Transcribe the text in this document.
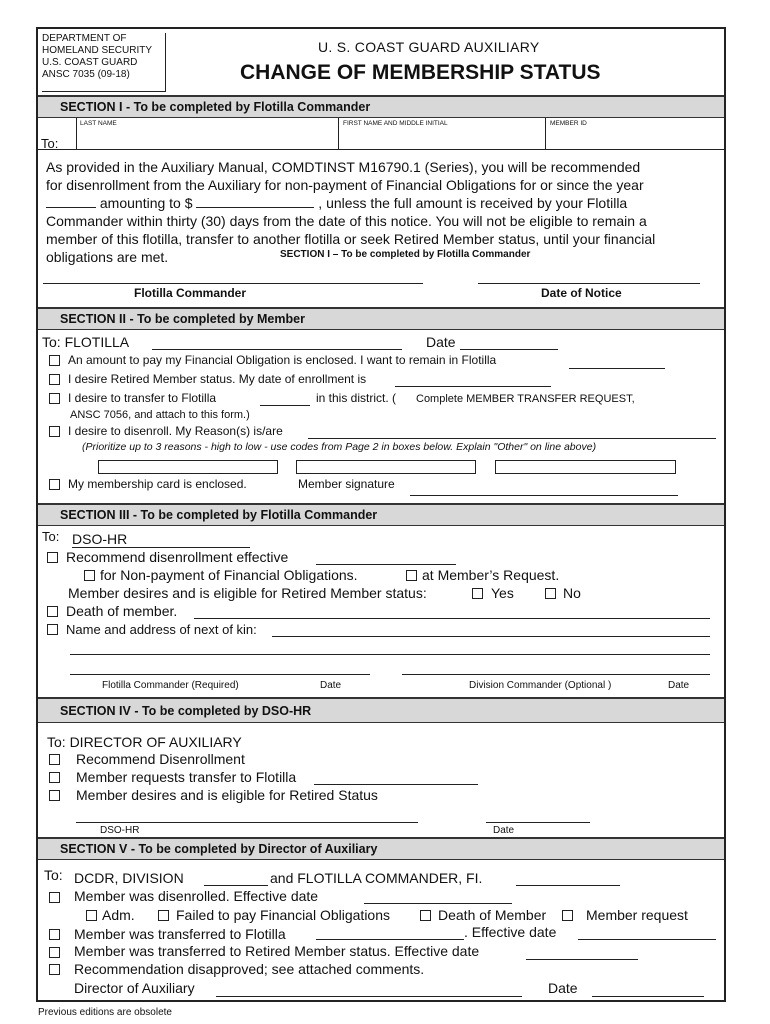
DEPARTMENT OF
HOMELAND SECURITY
U.S. COAST GUARD
ANSC 7035 (09-18)
U. S. COAST GUARD AUXILIARY
CHANGE OF MEMBERSHIP STATUS
SECTION I - To be completed by Flotilla Commander
To:
LAST NAME	FIRST NAME AND MIDDLE INITIAL	MEMBER ID
As provided in the Auxiliary Manual, COMDTINST M16790.1 (Series), you will be recommended
for disenrollment from the Auxiliary for non-payment of Financial Obligations for or since the year
amounting to $	, unless the full amount is received by your Flotilla
Commander within thirty (30) days from the date of this notice. You will not be eligible to remain a
member of this flotilla, transfer to another flotilla or seek Retired Member status, until your financial
obligations are met.	SECTION I – To be completed by Flotilla Commander
Flotilla Commander	Date of Notice
SECTION II - To be completed by Member
To: FLOTILLA	Date
An amount to pay my Financial Obligation is enclosed. I want to remain in Flotilla
I desire Retired Member status. My date of enrollment is
I desire to transfer to Flotilla	in this district. ( Complete MEMBER TRANSFER REQUEST,
ANSC 7056, and attach to this form.)
I desire to disenroll. My Reason(s) is/are
(Prioritize up to 3 reasons - high to low - use codes from Page 2 in boxes below. Explain "Other" on line above)
My membership card is enclosed.	Member signature
SECTION III - To be completed by Flotilla Commander
To: DSO-HR
Recommend disenrollment effective
for Non-payment of Financial Obligations.	at Member’s Request.
Member desires and is eligible for Retired Member status:	Yes	No
Death of member.
Name and address of next of kin:
Flotilla Commander (Required)	Date	Division Commander (Optional )	Date
SECTION IV - To be completed by DSO-HR
To: DIRECTOR OF AUXILIARY
Recommend Disenrollment
Member requests transfer to Flotilla
Member desires and is eligible for Retired Status
DSO-HR	Date
SECTION V - To be completed by Director of Auxiliary
To: DCDR, DIVISION	and FLOTILLA COMMANDER, FI.
Member was disenrolled. Effective date
Adm.	Failed to pay Financial Obligations	Death of Member	Member request
Member was transferred to Flotilla	. Effective date
Member was transferred to Retired Member status. Effective date
Recommendation disapproved; see attached comments.
Director of Auxiliary	Date
Previous editions are obsolete
